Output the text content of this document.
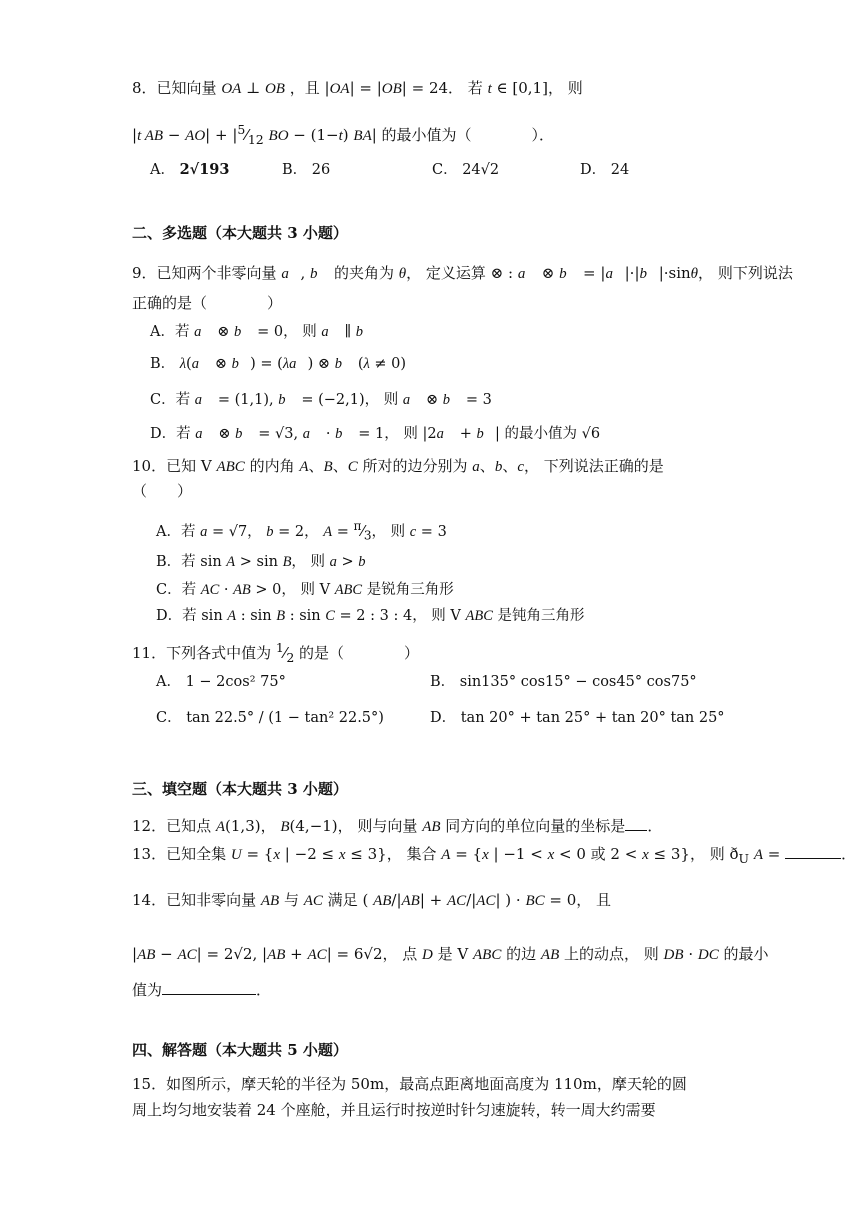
8．已知向量 OA ⊥ OB ，且 |OA| = |OB| = 24． 若 t ∈ [0,1]， 则
|t AB − $AO| + |^5⁄_{12}$ BO − (1−t) BA| 的最小值为（　　　　）．
A． 2√193	B． 26	C． 24√2	D． 24
二、多选题（本大题共 3 小题）
9．已知两个非零向量 a⃗, b⃗ 的夹角为 θ， 定义运算 ⊗ : a⃗ ⊗ b⃗ = |a⃗|·|b⃗|·sinθ， 则下列说法
正确的是（　　　　）
A．若 a⃗ ⊗ b⃗ = 0， 则 a⃗ ∥ b⃗
B． λ(a⃗ ⊗ b⃗) = (λa⃗) ⊗ b⃗ (λ ≠ 0)
C．若 a⃗ = (1,1), b⃗ = (−2,1)， 则 a⃗ ⊗ b⃗ = 3
D．若 a⃗ ⊗ b⃗ = √3, a⃗ · b⃗ = 1， 则 |2a⃗ + b⃗| 的最小值为 √6
10．已知 V ABC 的内角 A、B、C 所对的边分别为 a、b、c， 下列说法正确的是
（　　）
A．若 a = √7， b = 2， $A = ^\pi⁄_3$， 则 c = 3
B．若 sin A > sin B， 则 a > b
C．若 AC · AB > 0， 则 V ABC 是锐角三角形
D．若 sin A : sin B : sin C = 2 : 3 : 4， 则 V ABC 是钝角三角形
11．下列各式中值为 $^1⁄_2$ 的是（　　　　）
A． 1 − 2cos² 75°	B． sin135° cos15° − cos45° cos75°
C． tan 22.5° / (1 − tan² 22.5°)	D． tan 20° + tan 25° + tan 20° tan 25°
三、填空题（本大题共 3 小题）
12．已知点 A(1,3)， B(4,−1)， 则与向量 AB 同方向的单位向量的坐标是 ．
13．已知全集 U = {x | −2 ≤ x ≤ 3}， 集合 A = {x | −1 < x < 0 或 2 < x ≤ 3}， 则 $ð_U$ A =	．
14．已知非零向量 AB 与 AC 满足 ( AB/|AB| + AC/|AC| ) · BC = 0， 且
|AB − AC| = 2√2, |AB + AC| = 6√2， 点 D 是 V ABC 的边 AB 上的动点， 则 DB · DC 的最小
值为	．
四、解答题（本大题共 5 小题）
15．如图所示，摩天轮的半径为 50m，最高点距离地面高度为 110m，摩天轮的圆
周上均匀地安装着 24 个座舱，并且运行时按逆时针匀速旋转，转一周大约需要
